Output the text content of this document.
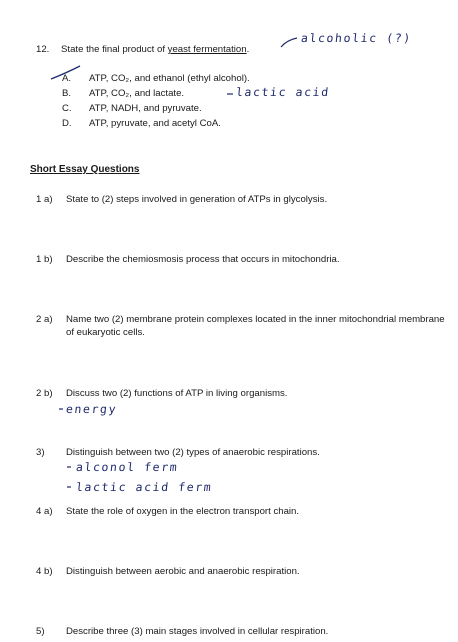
12. State the final product of yeast fermentation.
alcoholic (?)
A. ATP, CO₂, and ethanol (ethyl alcohol).
B. ATP, CO₂, and lactate.	lactic acid
C. ATP, NADH, and pyruvate.
D. ATP, pyruvate, and acetyl CoA.
Short Essay Questions
1 a) State to (2) steps involved in generation of ATPs in glycolysis.
1 b) Describe the chemiosmosis process that occurs in mitochondria.
2 a) Name two (2) membrane protein complexes located in the inner mitochondrial membrane
of eukaryotic cells.
2 b) Discuss two (2) functions of ATP in living organisms.
energy
3) Distinguish between two (2) types of anaerobic respirations.
alconol ferm
lactic acid ferm
4 a) State the role of oxygen in the electron transport chain.
4 b) Distinguish between aerobic and anaerobic respiration.
5) Describe three (3) main stages involved in cellular respiration.
